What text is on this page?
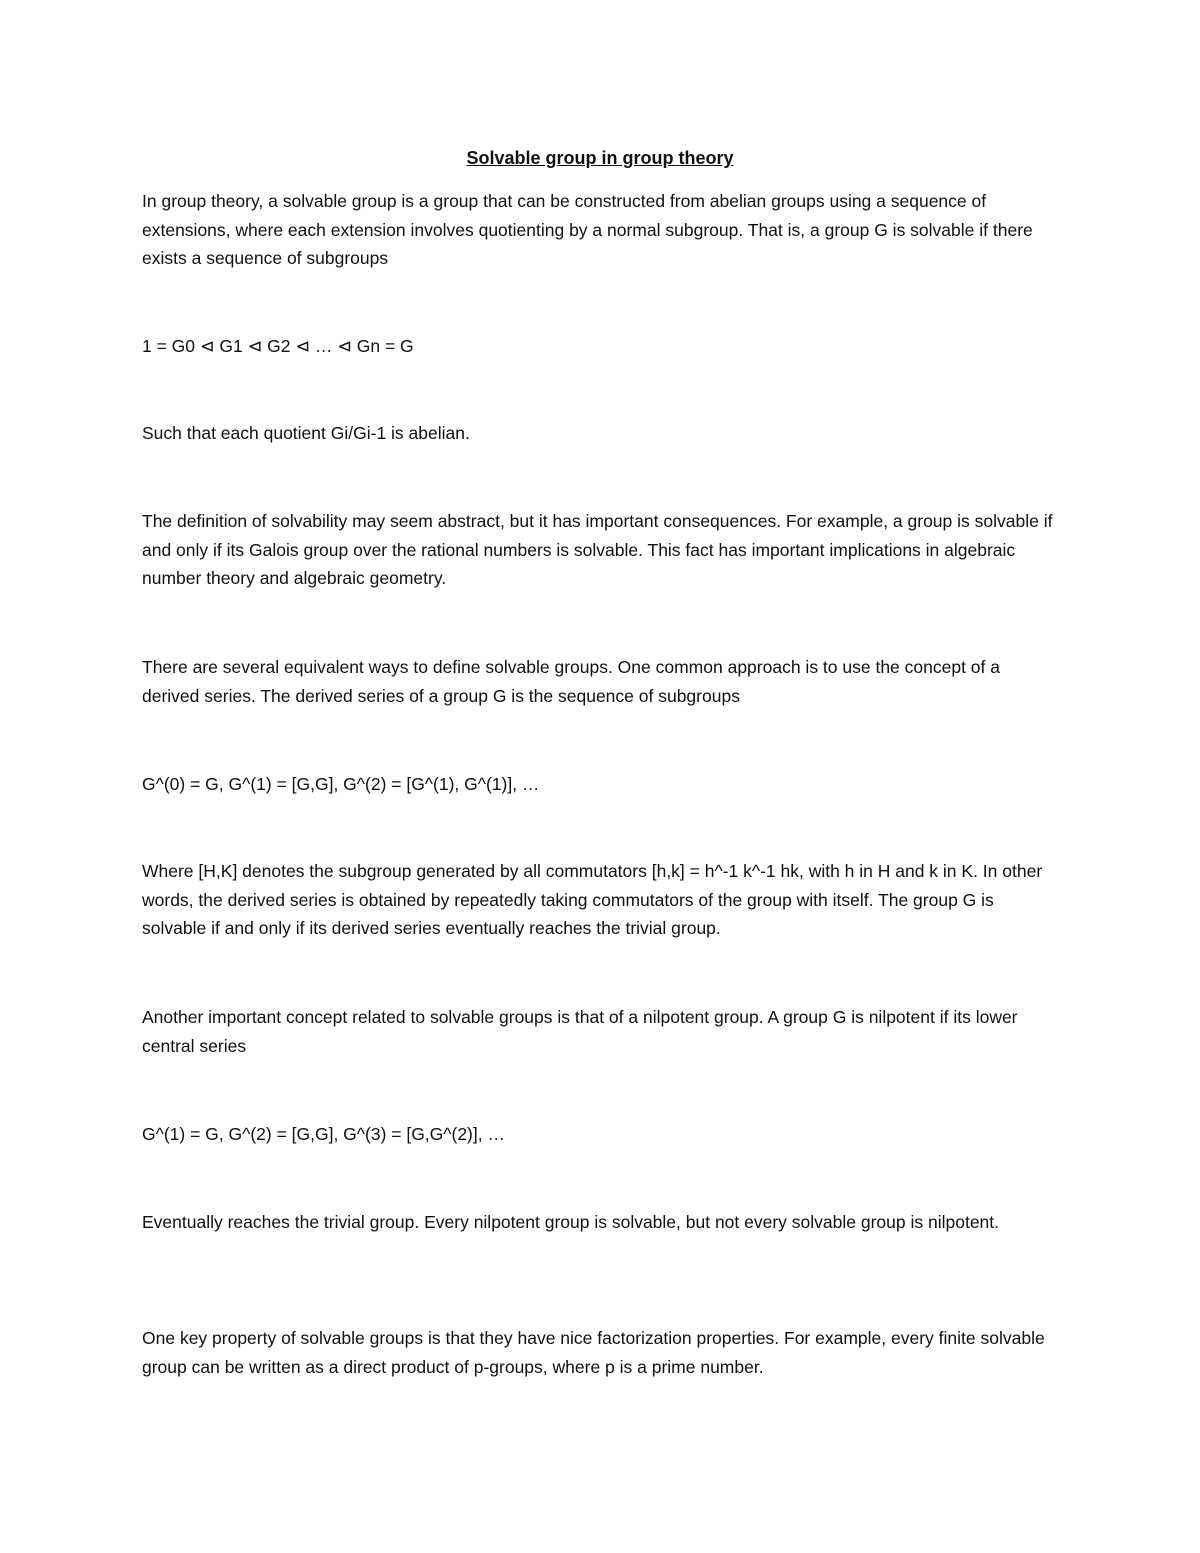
Solvable group in group theory

In group theory, a solvable group is a group that can be constructed from abelian groups using a sequence of extensions, where each extension involves quotienting by a normal subgroup. That is, a group G is solvable if there exists a sequence of subgroups

1 = G0 ⊲ G1 ⊲ G2 ⊲ … ⊲ Gn = G

Such that each quotient Gi/Gi-1 is abelian.

The definition of solvability may seem abstract, but it has important consequences. For example, a group is solvable if and only if its Galois group over the rational numbers is solvable. This fact has important implications in algebraic number theory and algebraic geometry.

There are several equivalent ways to define solvable groups. One common approach is to use the concept of a derived series. The derived series of a group G is the sequence of subgroups

G^(0) = G, G^(1) = [G,G], G^(2) = [G^(1), G^(1)], …

Where [H,K] denotes the subgroup generated by all commutators [h,k] = h^-1 k^-1 hk, with h in H and k in K. In other words, the derived series is obtained by repeatedly taking commutators of the group with itself. The group G is solvable if and only if its derived series eventually reaches the trivial group.

Another important concept related to solvable groups is that of a nilpotent group. A group G is nilpotent if its lower central series

G^(1) = G, G^(2) = [G,G], G^(3) = [G,G^(2)], …

Eventually reaches the trivial group. Every nilpotent group is solvable, but not every solvable group is nilpotent.

One key property of solvable groups is that they have nice factorization properties. For example, every finite solvable group can be written as a direct product of p-groups, where p is a prime number.
